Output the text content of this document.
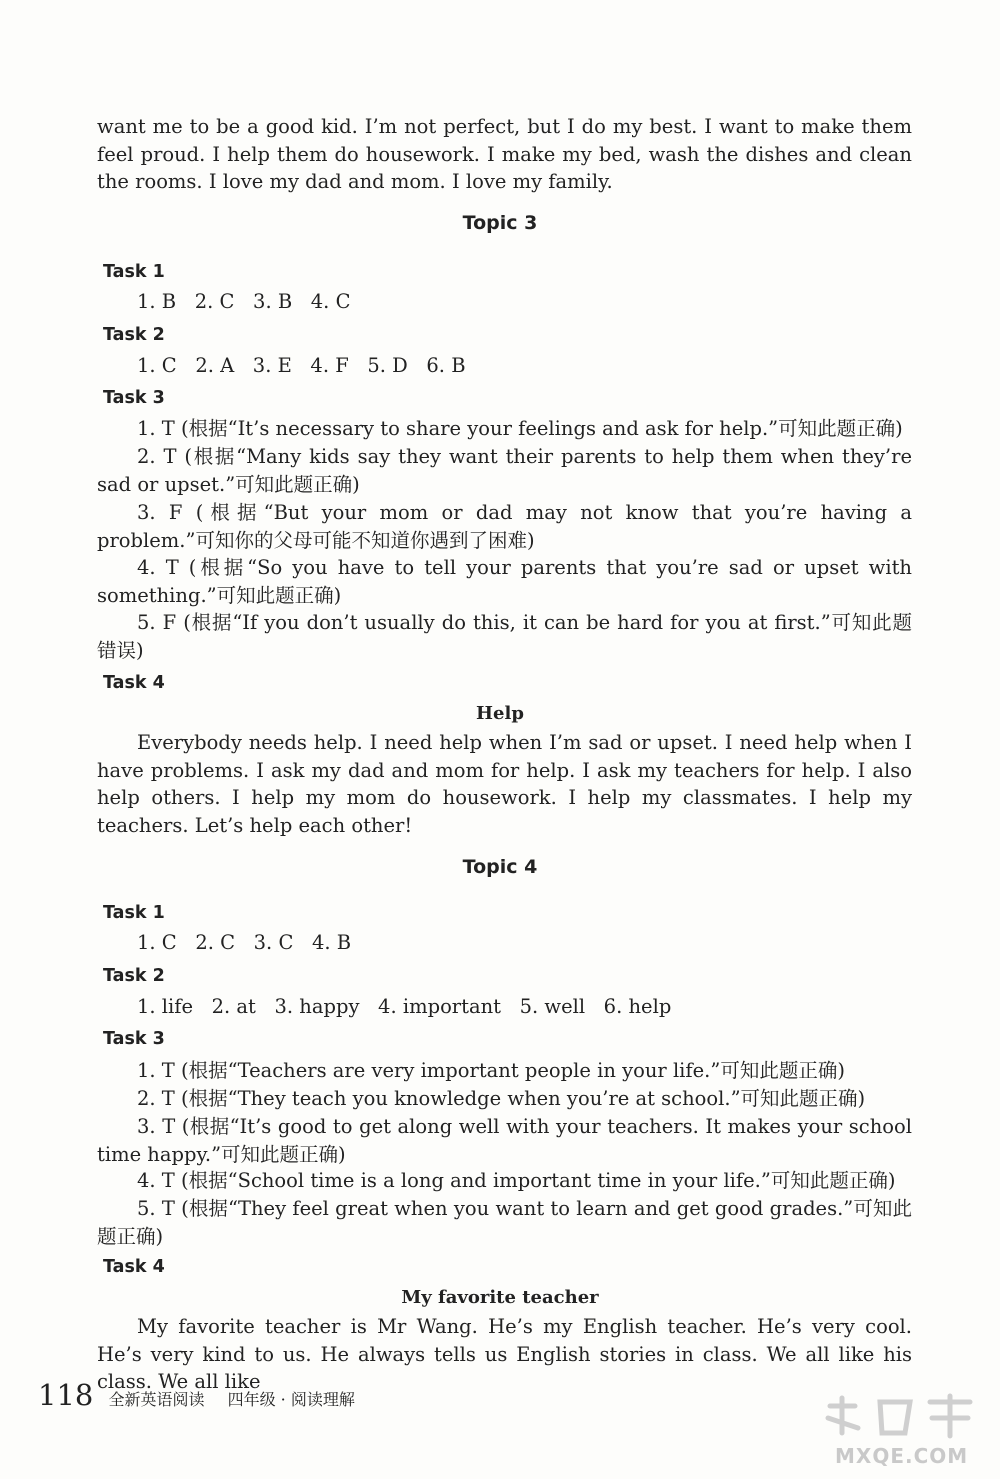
want me to be a good kid. I’m not perfect, but I do my best. I want to make them feel proud. I help them do housework. I make my bed, wash the dishes and clean the rooms. I love my dad and mom. I love my family.

Topic 3
Task 1

1. B   2. C   3. B   4. C

Task 2

1. C   2. A   3. E   4. F   5. D   6. B

Task 3

1. T (根据“It’s necessary to share your feelings and ask for help.”可知此题正确)

2. T (根据“Many kids say they want their parents to help them when they’re sad or upset.”可知此题正确)

3. F (根据“But your mom or dad may not know that you’re having a problem.”可知你的父母可能不知道你遇到了困难)

4. T (根据“So you have to tell your parents that you’re sad or upset with something.”可知此题正确)

5. F (根据“If you don’t usually do this, it can be hard for you at first.”可知此题错误)

Task 4
Help

Everybody needs help. I need help when I’m sad or upset. I need help when I have problems. I ask my dad and mom for help. I ask my teachers for help. I also help others. I help my mom do housework. I help my classmates. I help my teachers. Let’s help each other!

Topic 4
Task 1

1. C   2. C   3. C   4. B

Task 2

1. life   2. at   3. happy   4. important   5. well   6. help

Task 3

1. T (根据“Teachers are very important people in your life.”可知此题正确)

2. T (根据“They teach you knowledge when you’re at school.”可知此题正确)

3. T (根据“It’s good to get along well with your teachers. It makes your school time happy.”可知此题正确)

4. T (根据“School time is a long and important time in your life.”可知此题正确)

5. T (根据“They feel great when you want to learn and get good grades.”可知此题正确)

Task 4
My favorite teacher

My favorite teacher is Mr Wang. He’s my English teacher. He’s very cool. He’s very kind to us. He always tells us English stories in class. We all like his class. We all like

118 全新英语阅读 四年级 · 阅读理解
MXQE.COM
